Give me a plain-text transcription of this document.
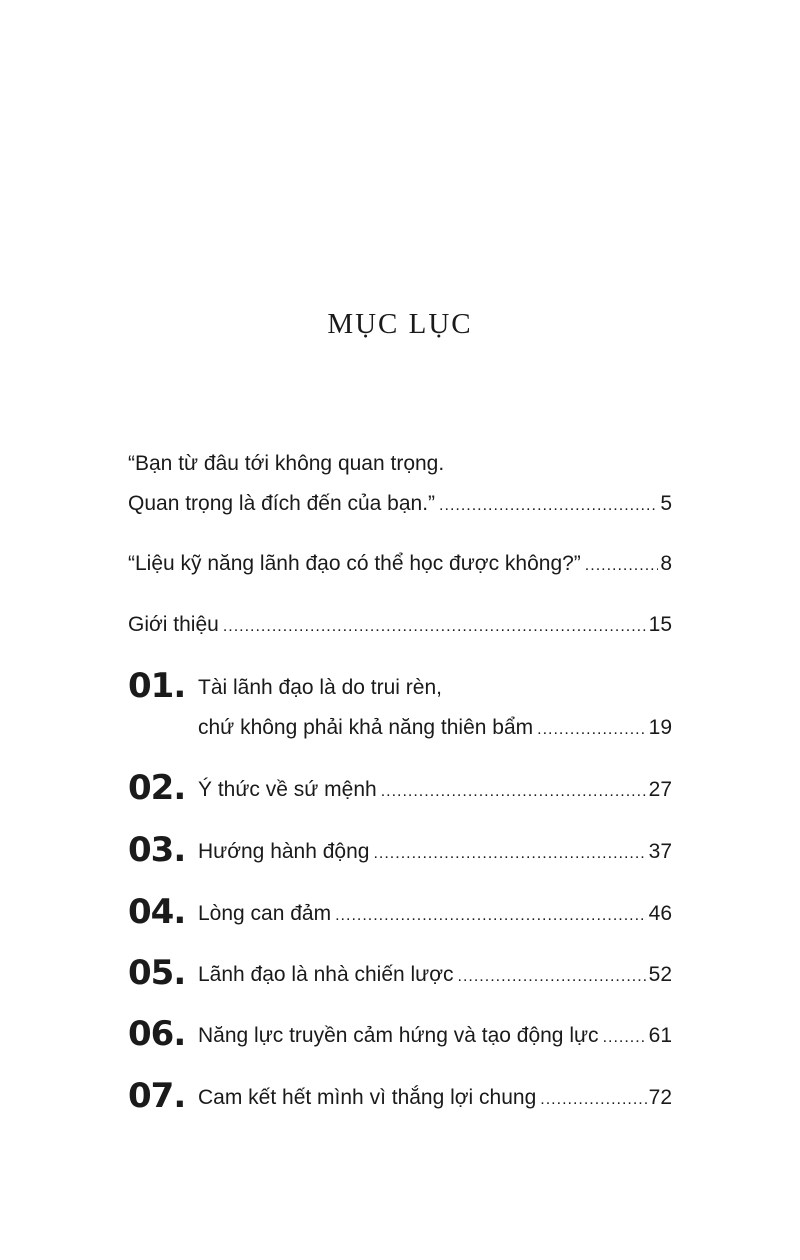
MỤC LỤC
“Bạn từ đâu tới không quan trọng.
Quan trọng là đích đến của bạn.” .....	5
“Liệu kỹ năng lãnh đạo có thể học được không?” .....	8
Giới thiệu .....	15
01. Tài lãnh đạo là do trui rèn,
chứ không phải khả năng thiên bẩm .....	19
02. Ý thức về sứ mệnh .....	27
03. Hướng hành động .....	37
04. Lòng can đảm .....	46
05. Lãnh đạo là nhà chiến lược .....	52
06. Năng lực truyền cảm hứng và tạo động lực ..... 61
07. Cam kết hết mình vì thắng lợi chung .....	72
